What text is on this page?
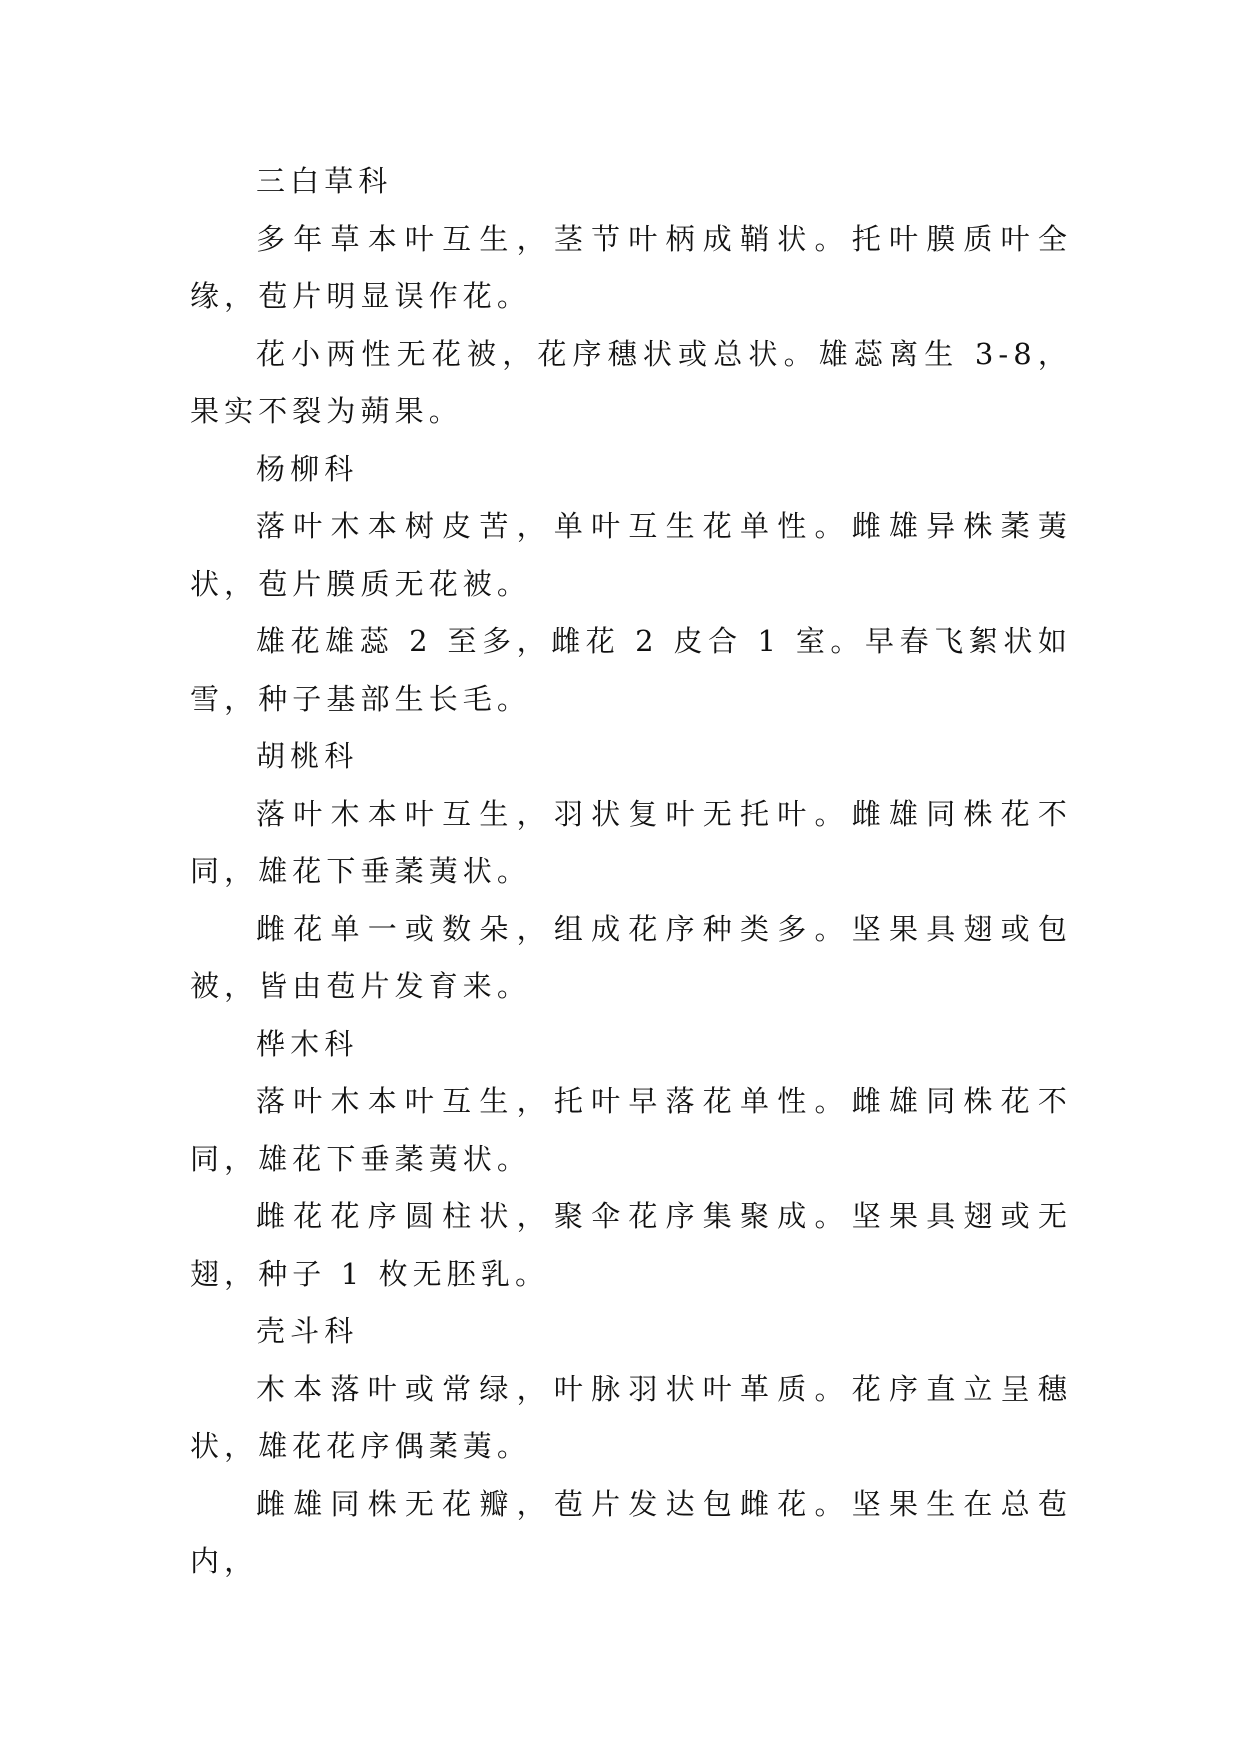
三白草科

多年草本叶互生，茎节叶柄成鞘状。托叶膜质叶全缘，苞片明显误作花。

花小两性无花被，花序穗状或总状。雄蕊离生 3-8，果实不裂为蒴果。

杨柳科

落叶木本树皮苦，单叶互生花单性。雌雄异株葇荑状，苞片膜质无花被。

雄花雄蕊 2 至多，雌花 2 皮合 1 室。早春飞絮状如雪，种子基部生长毛。

胡桃科

落叶木本叶互生，羽状复叶无托叶。雌雄同株花不同，雄花下垂葇荑状。

雌花单一或数朵，组成花序种类多。坚果具翅或包被，皆由苞片发育来。

桦木科

落叶木本叶互生，托叶早落花单性。雌雄同株花不同，雄花下垂葇荑状。

雌花花序圆柱状，聚伞花序集聚成。坚果具翅或无翅，种子 1 枚无胚乳。

壳斗科

木本落叶或常绿，叶脉羽状叶革质。花序直立呈穗状，雄花花序偶葇荑。

雌雄同株无花瓣，苞片发达包雌花。坚果生在总苞内，
